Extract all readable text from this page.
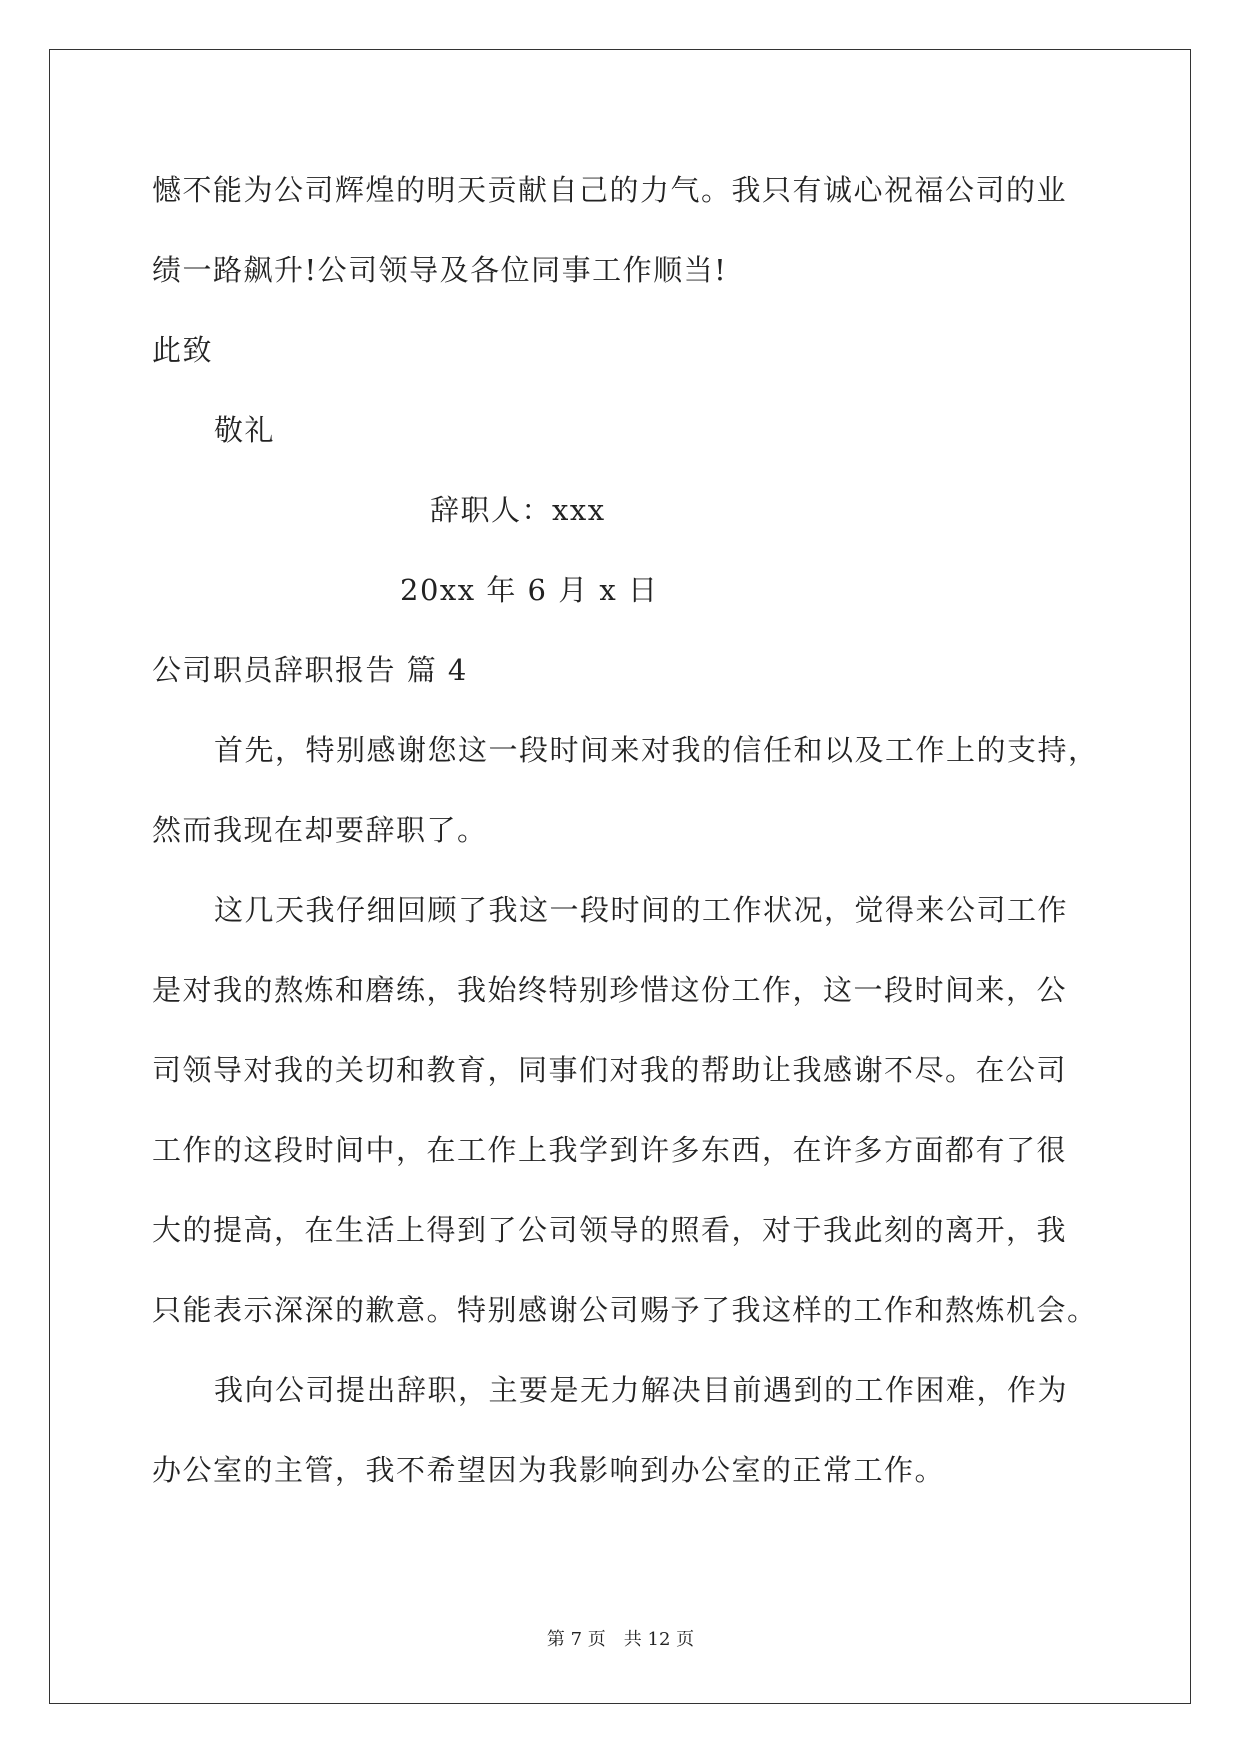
憾不能为公司辉煌的明天贡献自己的力气。我只有诚心祝福公司的业

绩一路飙升!公司领导及各位同事工作顺当!

此致

敬礼

辞职人：xxx

20xx 年 6 月 x 日

公司职员辞职报告 篇 4

首先，特别感谢您这一段时间来对我的信任和以及工作上的支持，

然而我现在却要辞职了。

这几天我仔细回顾了我这一段时间的工作状况，觉得来公司工作

是对我的熬炼和磨练，我始终特别珍惜这份工作，这一段时间来，公

司领导对我的关切和教育，同事们对我的帮助让我感谢不尽。在公司

工作的这段时间中，在工作上我学到许多东西，在许多方面都有了很

大的提高，在生活上得到了公司领导的照看，对于我此刻的离开，我

只能表示深深的歉意。特别感谢公司赐予了我这样的工作和熬炼机会。

我向公司提出辞职，主要是无力解决目前遇到的工作困难，作为

办公室的主管，我不希望因为我影响到办公室的正常工作。

第 7 页　共 12 页
